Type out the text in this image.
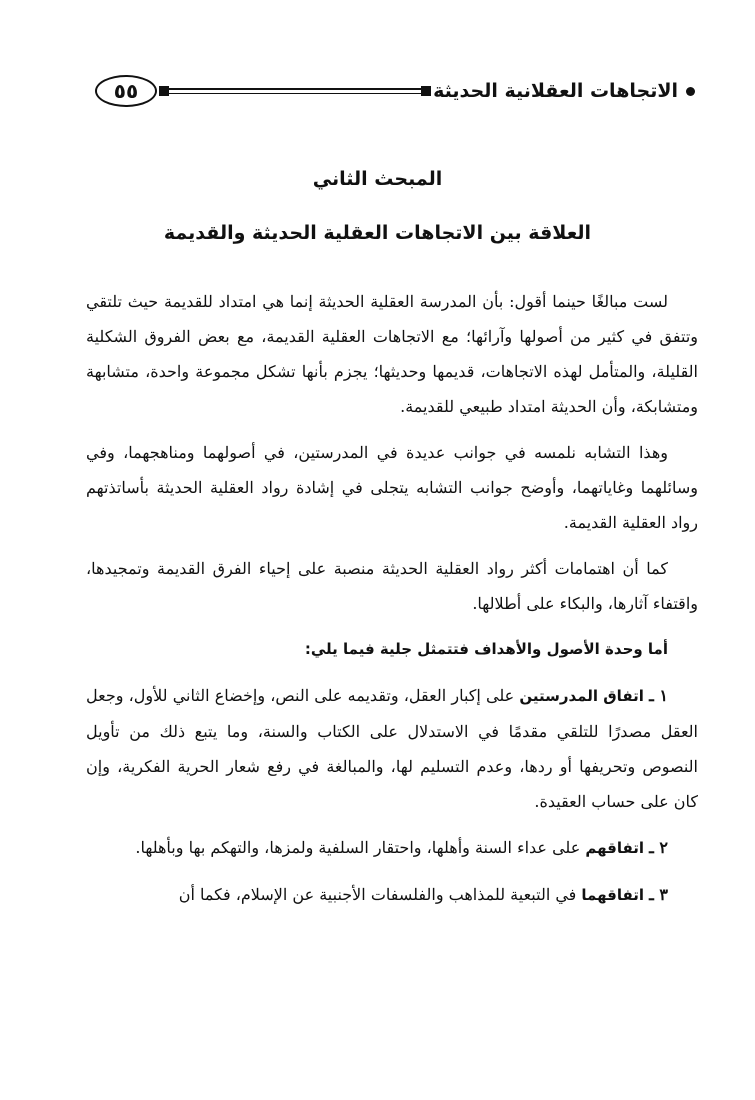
الاتجاهات العقلانية الحديثة
٥٥
المبحث الثاني
العلاقة بين الاتجاهات العقلية الحديثة والقديمة

لست مبالغًا حينما أقول: بأن المدرسة العقلية الحديثة إنما هي امتداد للقديمة حيث تلتقي وتتفق في كثير من أصولها وآرائها؛ مع الاتجاهات العقلية القديمة، مع بعض الفروق الشكلية القليلة، والمتأمل لهذه الاتجاهات، قديمها وحديثها؛ يجزم بأنها تشكل مجموعة واحدة، متشابهة ومتشابكة، وأن الحديثة امتداد طبيعي للقديمة.

وهذا التشابه نلمسه في جوانب عديدة في المدرستين، في أصولهما ومناهجهما، وفي وسائلهما وغاياتهما، وأوضح جوانب التشابه يتجلى في إشادة رواد العقلية الحديثة بأساتذتهم رواد العقلية القديمة.

كما أن اهتمامات أكثر رواد العقلية الحديثة منصبة على إحياء الفرق القديمة وتمجيدها، واقتفاء آثارها، والبكاء على أطلالها.

أما وحدة الأصول والأهداف فتتمثل جلية فيما يلي:

١ ـ اتفاق المدرستين على إكبار العقل، وتقديمه على النص، وإخضاع الثاني للأول، وجعل العقل مصدرًا للتلقي مقدمًا في الاستدلال على الكتاب والسنة، وما يتبع ذلك من تأويل النصوص وتحريفها أو ردها، وعدم التسليم لها، والمبالغة في رفع شعار الحرية الفكرية، وإن كان على حساب العقيدة.

٢ ـ اتفاقهم على عداء السنة وأهلها، واحتقار السلفية ولمزها، والتهكم بها وبأهلها.

٣ ـ اتفاقهما في التبعية للمذاهب والفلسفات الأجنبية عن الإسلام، فكما أن
